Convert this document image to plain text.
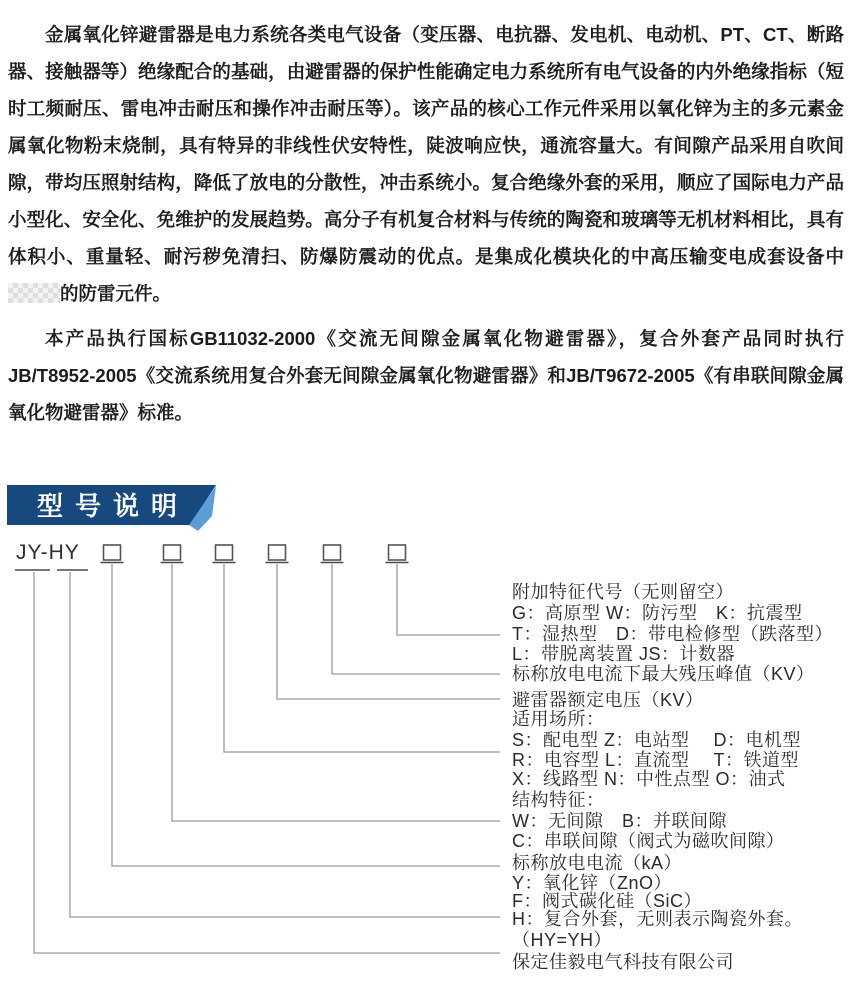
金属氧化锌避雷器是电力系统各类电气设备（变压器、电抗器、发电机、电动机、PT、CT、断路器、接触器等）绝缘配合的基础，由避雷器的保护性能确定电力系统所有电气设备的内外绝缘指标（短时工频耐压、雷电冲击耐压和操作冲击耐压等）。该产品的核心工作元件采用以氧化锌为主的多元素金属氧化物粉末烧制，具有特异的非线性伏安特性，陡波响应快，通流容量大。有间隙产品采用自吹间隙，带均压照射结构，降低了放电的分散性，冲击系统小。复合绝缘外套的采用，顺应了国际电力产品小型化、安全化、免维护的发展趋势。高分子有机复合材料与传统的陶瓷和玻璃等无机材料相比，具有体积小、重量轻、耐污秽免清扫、防爆防震动的优点。是集成化模块化的中高压输变电成套设备中的防雷元件。

本产品执行国标GB11032-2000《交流无间隙金属氧化物避雷器》，复合外套产品同时执行JB/T8952-2005《交流系统用复合外套无间隙金属氧化物避雷器》和JB/T9672-2005《有串联间隙金属氧化物避雷器》标准。

型号说明
JY-HY
附加特征代号（无则留空）
G：高原型 W：防污型　K：抗震型
T：湿热型　D：带电检修型（跌落型）
L：带脱离装置 JS：计数器
标称放电电流下最大残压峰值（KV）
避雷器额定电压（KV）
适用场所：
S：配电型 Z：电站型　 D：电机型
R：电容型 L：直流型　 T：铁道型
X：线路型 N：中性点型 O：油式
结构特征：
W：无间隙　B：并联间隙
C：串联间隙（阀式为磁吹间隙）
标称放电电流（kA）
Y：氧化锌（ZnO）
F：阀式碳化硅（SiC）
H：复合外套，无则表示陶瓷外套。
（HY=YH）
保定佳毅电气科技有限公司
